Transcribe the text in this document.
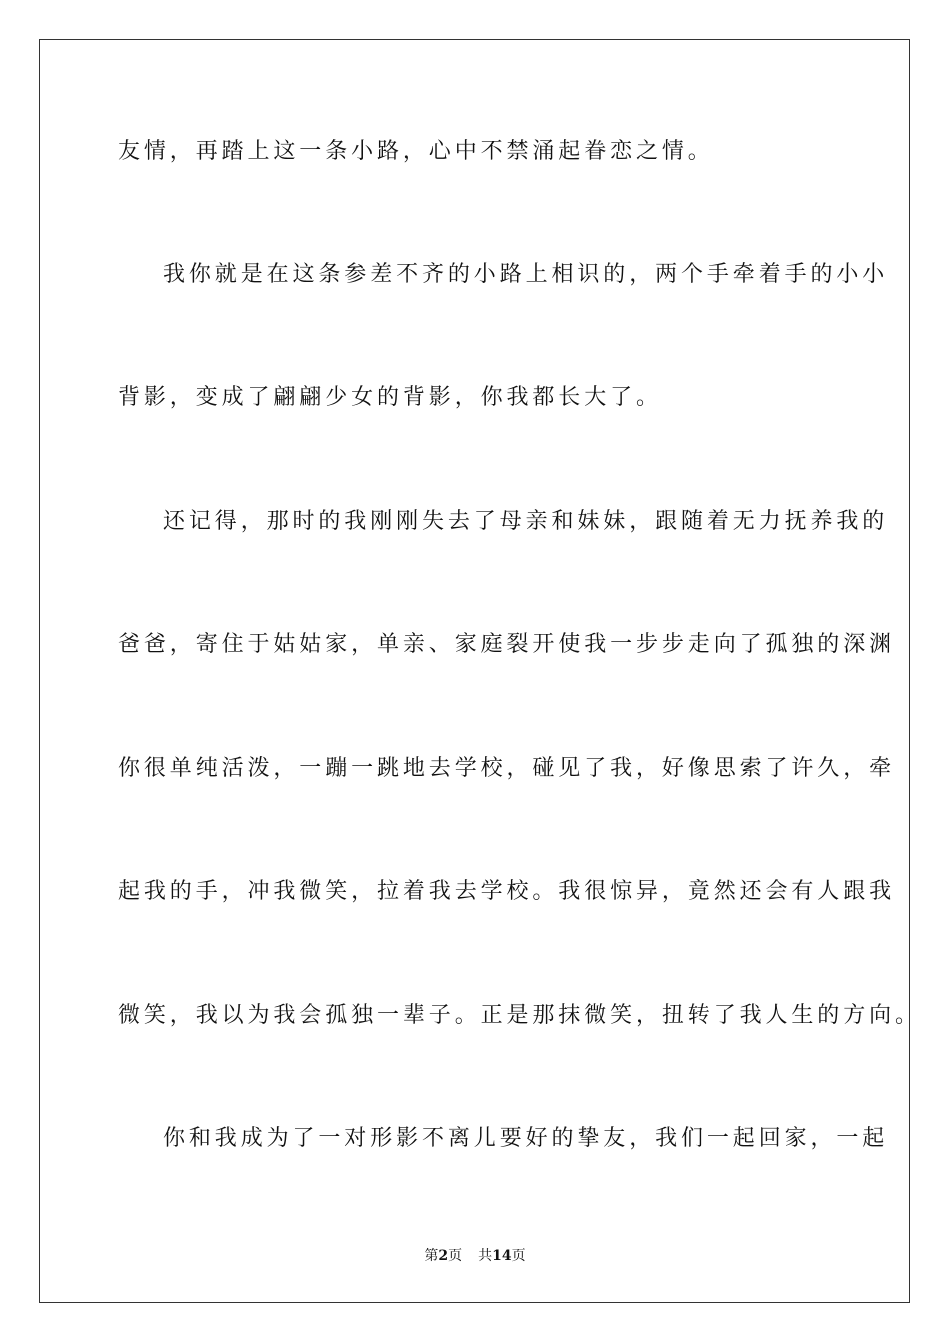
友情，再踏上这一条小路，心中不禁涌起眷恋之情。
我你就是在这条参差不齐的小路上相识的，两个手牵着手的小小
背影，变成了翩翩少女的背影，你我都长大了。
还记得，那时的我刚刚失去了母亲和妹妹，跟随着无力抚养我的
爸爸，寄住于姑姑家，单亲、家庭裂开使我一步步走向了孤独的深渊
你很单纯活泼，一蹦一跳地去学校，碰见了我，好像思索了许久，牵
起我的手，冲我微笑，拉着我去学校。我很惊异，竟然还会有人跟我
微笑，我以为我会孤独一辈子。正是那抹微笑，扭转了我人生的方向。
你和我成为了一对形影不离儿要好的挚友，我们一起回家，一起
第2页 共14页
